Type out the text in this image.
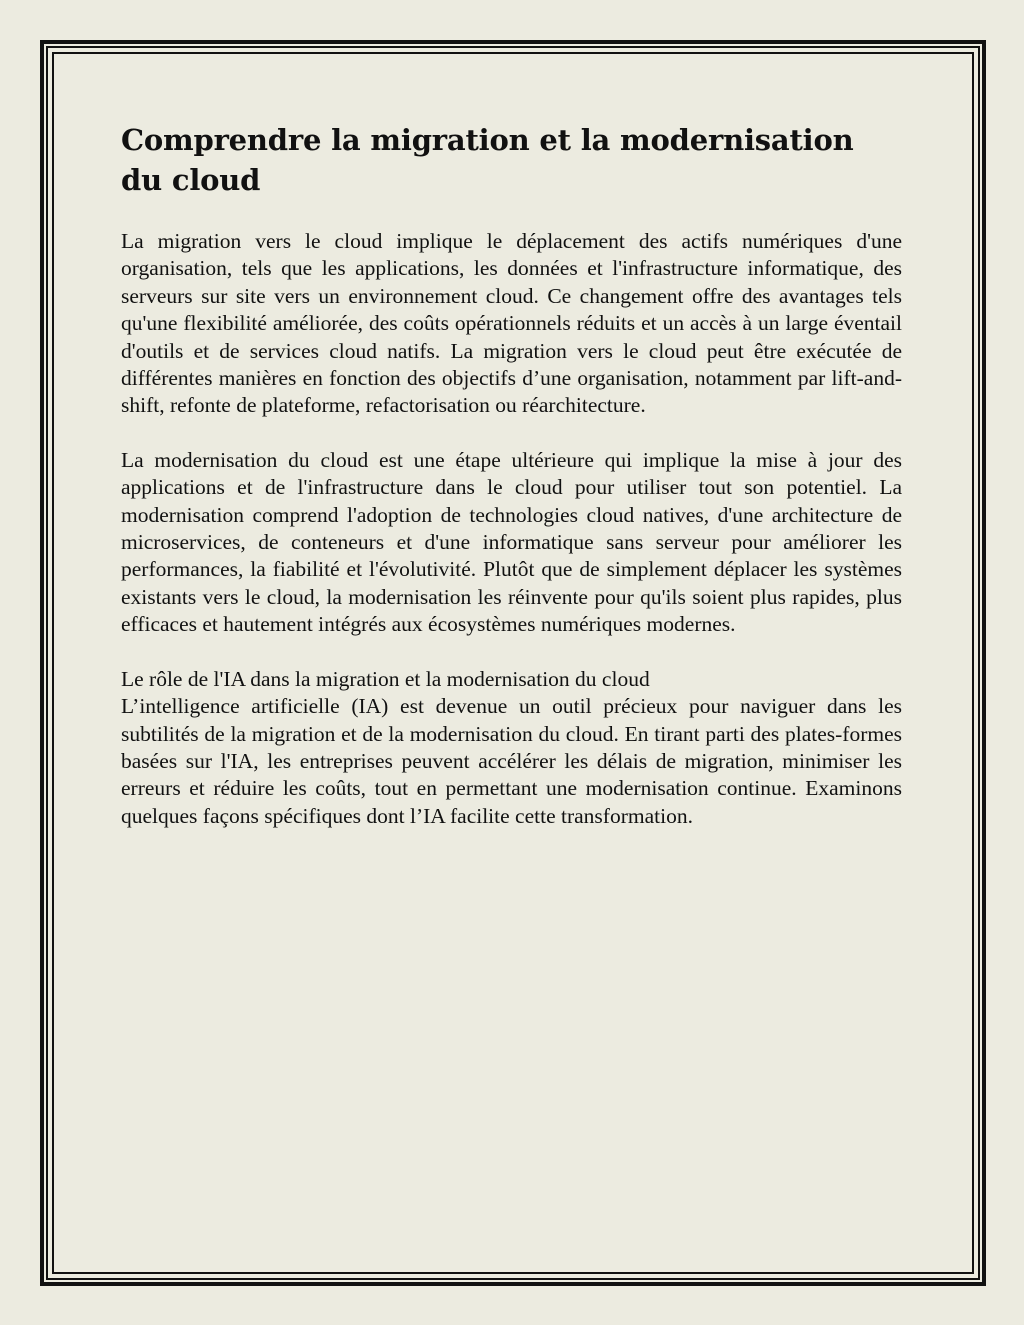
Comprendre la migration et la modernisation du cloud

La migration vers le cloud implique le déplacement des actifs numériques d'une organisation, tels que les applications, les données et l'infrastructure informatique, des serveurs sur site vers un environnement cloud. Ce changement offre des avantages tels qu'une flexibilité améliorée, des coûts opérationnels réduits et un accès à un large éventail d'outils et de services cloud natifs. La migration vers le cloud peut être exécutée de différentes manières en fonction des objectifs d’une organisation, notamment par lift-and-shift, refonte de plateforme, refactorisation ou réarchitecture.

La modernisation du cloud est une étape ultérieure qui implique la mise à jour des applications et de l'infrastructure dans le cloud pour utiliser tout son potentiel. La modernisation comprend l'adoption de technologies cloud natives, d'une architecture de microservices, de conteneurs et d'une informatique sans serveur pour améliorer les performances, la fiabilité et l'évolutivité. Plutôt que de simplement déplacer les systèmes existants vers le cloud, la modernisation les réinvente pour qu'ils soient plus rapides, plus efficaces et hautement intégrés aux écosystèmes numériques modernes.

Le rôle de l'IA dans la migration et la modernisation du cloud

L’intelligence artificielle (IA) est devenue un outil précieux pour naviguer dans les subtilités de la migration et de la modernisation du cloud. En tirant parti des plates-formes basées sur l'IA, les entreprises peuvent accélérer les délais de migration, minimiser les erreurs et réduire les coûts, tout en permettant une modernisation continue. Examinons quelques façons spécifiques dont l’IA facilite cette transformation.
